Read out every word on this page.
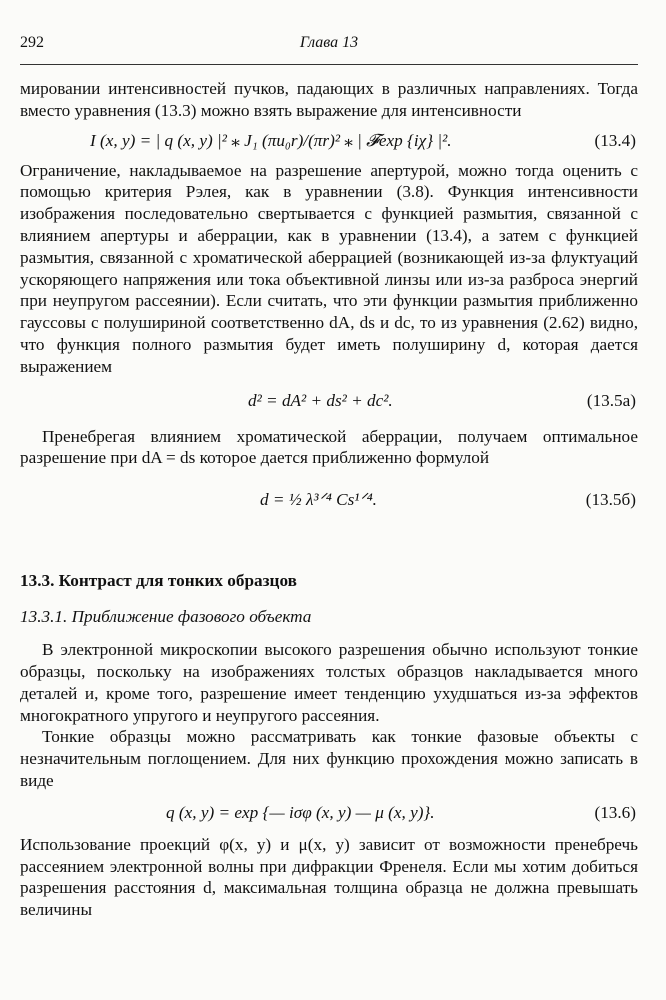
292	Глава 13

мировании интенсивностей пучков, падающих в различных направлениях. Тогда вместо уравнения (13.3) можно взять выражение для интенсивности

I (x, y) = | q (x, y) |² ⁎ J₁ (πu₀r)/(πr)² ⁎ | 𝓕exp {iχ} |².	(13.4)

Ограничение, накладываемое на разрешение апертурой, можно тогда оценить с помощью критерия Рэлея, как в уравнении (3.8). Функция интенсивности изображения последовательно свертывается с функцией размытия, связанной с влиянием апертуры и аберрации, как в уравнении (13.4), а затем с функцией размытия, связанной с хроматической аберрацией (возникающей из-за флуктуаций ускоряющего напряжения или тока объективной линзы или из-за разброса энергий при неупругом рассеянии). Если считать, что эти функции размытия приближенно гауссовы с полушириной соответственно dA, ds и dc, то из уравнения (2.62) видно, что функция полного размытия будет иметь полуширину d, которая дается выражением

d² = dA² + ds² + dc².	(13.5a)

Пренебрегая влиянием хроматической аберрации, получаем оптимальное разрешение при dA = ds которое дается приближенно формулой

d = ½ λ³ᐟ⁴ Cs¹ᐟ⁴.	(13.5б)
13.3. Контраст для тонких образцов
13.3.1. Приближение фазового объекта

В электронной микроскопии высокого разрешения обычно используют тонкие образцы, поскольку на изображениях толстых образцов накладывается много деталей и, кроме того, разрешение имеет тенденцию ухудшаться из-за эффектов многократного упругого и неупругого рассеяния.

Тонкие образцы можно рассматривать как тонкие фазовые объекты с незначительным поглощением. Для них функцию прохождения можно записать в виде

q (x, y) = exp {— iσφ (x, y) — μ (x, y)}.	(13.6)

Использование проекций φ(x, y) и μ(x, y) зависит от возможности пренебречь рассеянием электронной волны при дифракции Френеля. Если мы хотим добиться разрешения расстояния d, максимальная толщина образца не должна превышать величины
